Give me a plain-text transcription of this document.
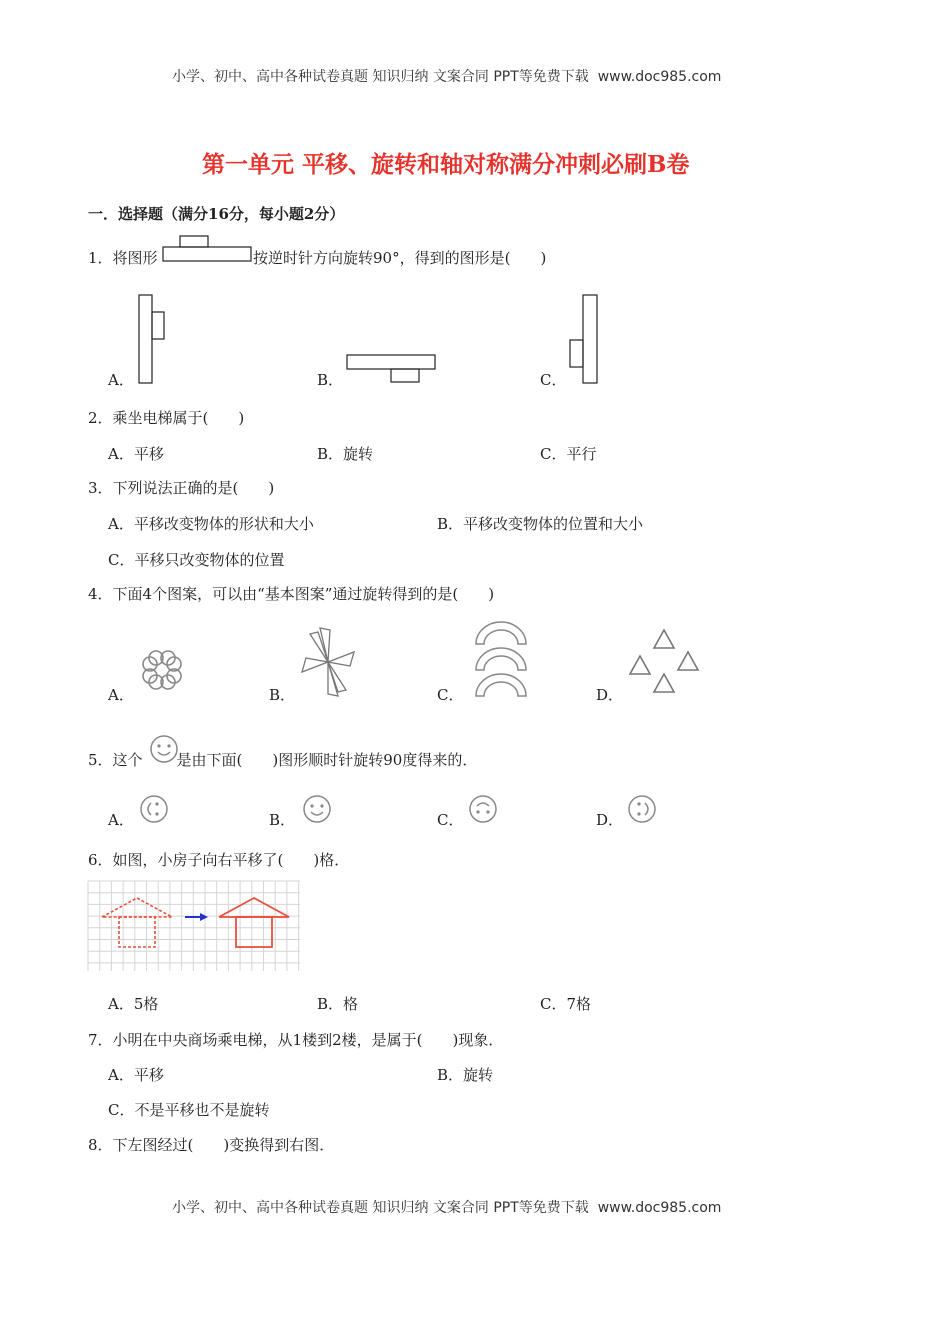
小学、初中、高中各种试卷真题 知识归纳 文案合同 PPT等免费下载 www.doc985.com
第一单元 平移、旋转和轴对称满分冲刺必刷B卷
一．选择题（满分16分，每小题2分）
1．将图形	按逆时针方向旋转90°，得到的图形是(　　)
A．	B．	C．
2．乘坐电梯属于(　　)
A．平移	B．旋转	C．平行
3．下列说法正确的是(　　)
A．平移改变物体的形状和大小	B．平移改变物体的位置和大小
C．平移只改变物体的位置
4．下面4个图案，可以由“基本图案”通过旋转得到的是(　　)
A．	B．	C．	D．
5．这个 是由下面(　　)图形顺时针旋转90度得来的．
A．	B．	C．	D．
6．如图，小房子向右平移了(　　)格．
A．5格	B．格	C．7格
7．小明在中央商场乘电梯，从1楼到2楼，是属于(　　)现象．
A．平移	B．旋转
C．不是平移也不是旋转
8．下左图经过(　　)变换得到右图．
小学、初中、高中各种试卷真题 知识归纳 文案合同 PPT等免费下载 www.doc985.com
